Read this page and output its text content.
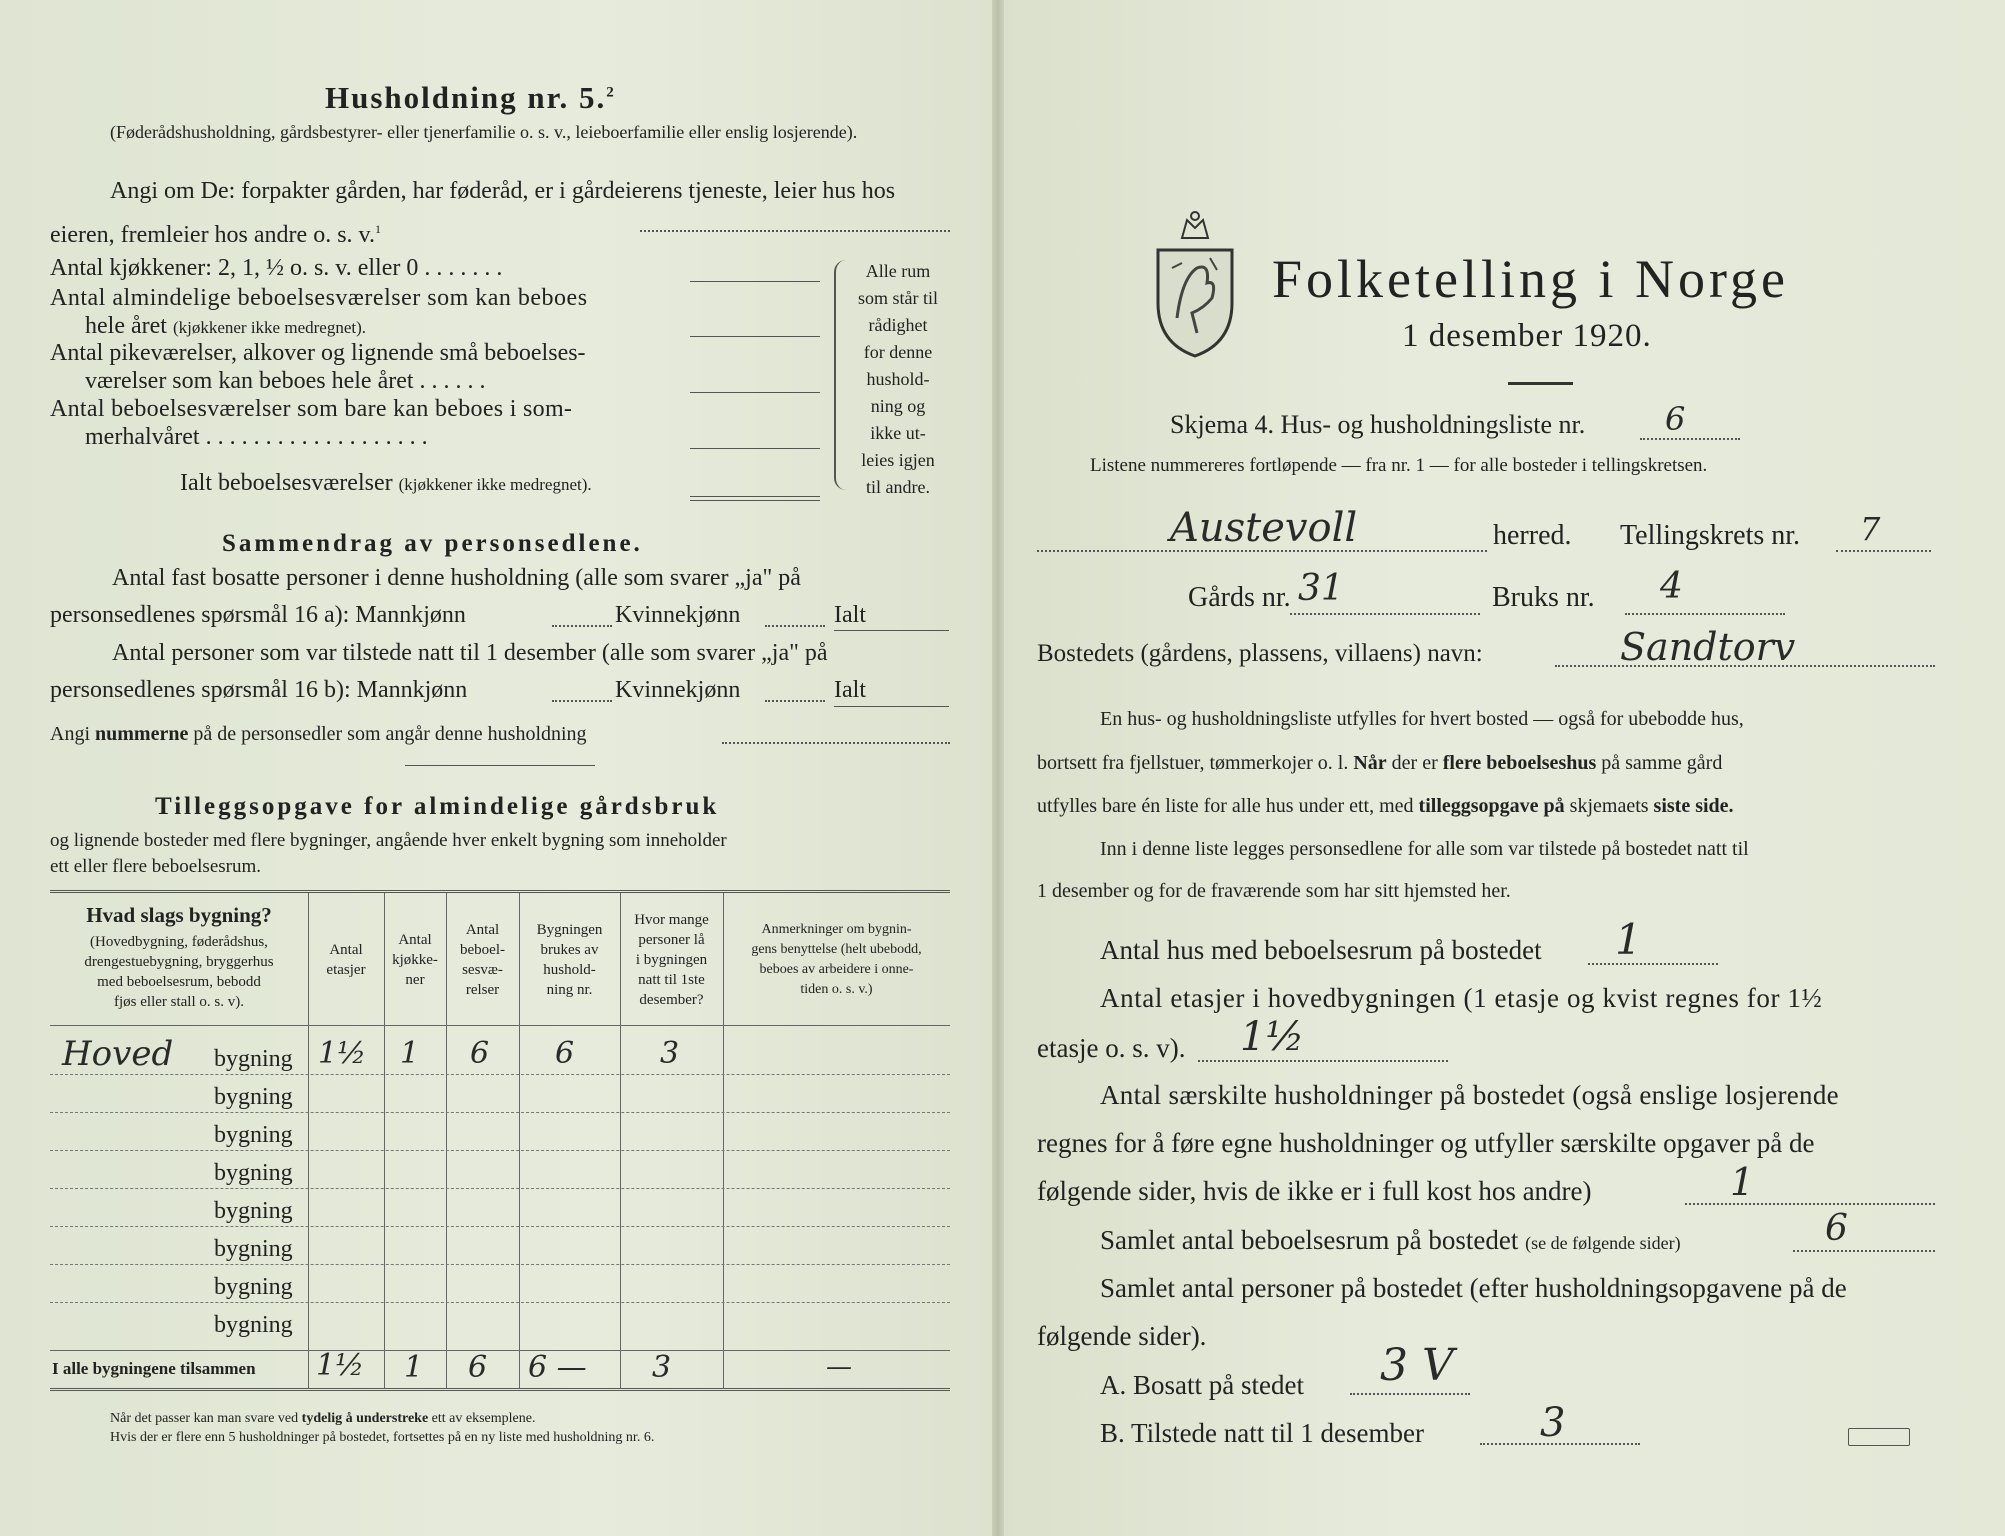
Husholdning nr. 5.$^2$
(Føderådshusholdning, gårdsbestyrer- eller tjenerfamilie o. s. v., leieboerfamilie eller enslig losjerende).
Angi om De: forpakter gården, har føderåd, er i gårdeierens tjeneste, leier hus hos eieren, fremleier hos andre o. s. v.$^1$
Antal kjøkkener: 2, 1, ½ o. s. v. eller 0 . . . . . . .
Antal almindelige beboelsesværelser som kan beboes
hele året (kjøkkener ikke medregnet).
Antal pikeværelser, alkover og lignende små beboelses-
værelser som kan beboes hele året . . . . . .
Antal beboelsesværelser som bare kan beboes i som-
merhalvåret . . . . . . . . . . . . . . . . . . .
Ialt beboelsesværelser (kjøkkener ikke medregnet).
Alle rum
som står til
rådighet
for denne
hushold-
ning og
ikke ut-
leies igjen
til andre.
Sammendrag av personsedlene.
Antal fast bosatte personer i denne husholdning (alle som svarer „ja" på
personsedlenes spørsmål 16 a): Mannkjønn	Kvinnekjønn	Ialt
Antal personer som var tilstede natt til 1 desember (alle som svarer „ja" på
personsedlenes spørsmål 16 b): Mannkjønn	Kvinnekjønn	Ialt
Angi nummerne på de personsedler som angår denne husholdning
Tilleggsopgave for almindelige gårdsbruk
og lignende bosteder med flere bygninger, angående hver enkelt bygning som inneholder
ett eller flere beboelsesrum.
Hvad slags bygning?
(Hovedbygning, føderådshus,
drengestuebygning, bryggerhus
med beboelsesrum, bebodd
fjøs eller stall o. s. v).
Antal
etasjer
Antal
kjøkke-
ner
Antal
beboel-
sesvæ-
relser
Bygningen
brukes av
hushold-
ning nr.
Hvor mange
personer lå
i bygningen
natt til 1ste
desember?
Anmerkninger om bygnin-
gens benyttelse (helt ubebodd,
beboes av arbeidere i onne-
tiden o. s. v.)
Hoved bygning 1½ 1 6 6	3
bygning
bygning
bygning
bygning
bygning
bygning
bygning
I alle bygningene tilsammen 1½ 1 6 6 — 3	—
Når det passer kan man svare ved tydelig å understreke ett av eksemplene.
Hvis der er flere enn 5 husholdninger på bostedet, fortsettes på en ny liste med husholdning nr. 6.
Folketelling i Norge
1 desember 1920.
Skjema 4. Hus- og husholdningsliste nr. 6
Listene nummereres fortløpende — fra nr. 1 — for alle bosteder i tellingskretsen.
Austevoll	herred. Tellingskrets nr. 7
Gårds nr. 31	Bruks nr. 4
Bostedets (gårdens, plassens, villaens) navn:	Sandtorv
En hus- og husholdningsliste utfylles for hvert bosted — også for ubebodde hus,
bortsett fra fjellstuer, tømmerkojer o. l. Når der er flere beboelseshus på samme gård
utfylles bare én liste for alle hus under ett, med tilleggsopgave på skjemaets siste side.
Inn i denne liste legges personsedlene for alle som var tilstede på bostedet natt til
1 desember og for de fraværende som har sitt hjemsted her.
Antal hus med beboelsesrum på bostedet 1
Antal etasjer i hovedbygningen (1 etasje og kvist regnes for 1½
etasje o. s. v). 1½
Antal særskilte husholdninger på bostedet (også enslige losjerende
regnes for å føre egne husholdninger og utfyller særskilte opgaver på de
følgende sider, hvis de ikke er i full kost hos andre)	1
Samlet antal beboelsesrum på bostedet (se de følgende sider)	6
Samlet antal personer på bostedet (efter husholdningsopgavene på de
følgende sider).
A. Bosatt på stedet 3 V
B. Tilstede natt til 1 desember	3
